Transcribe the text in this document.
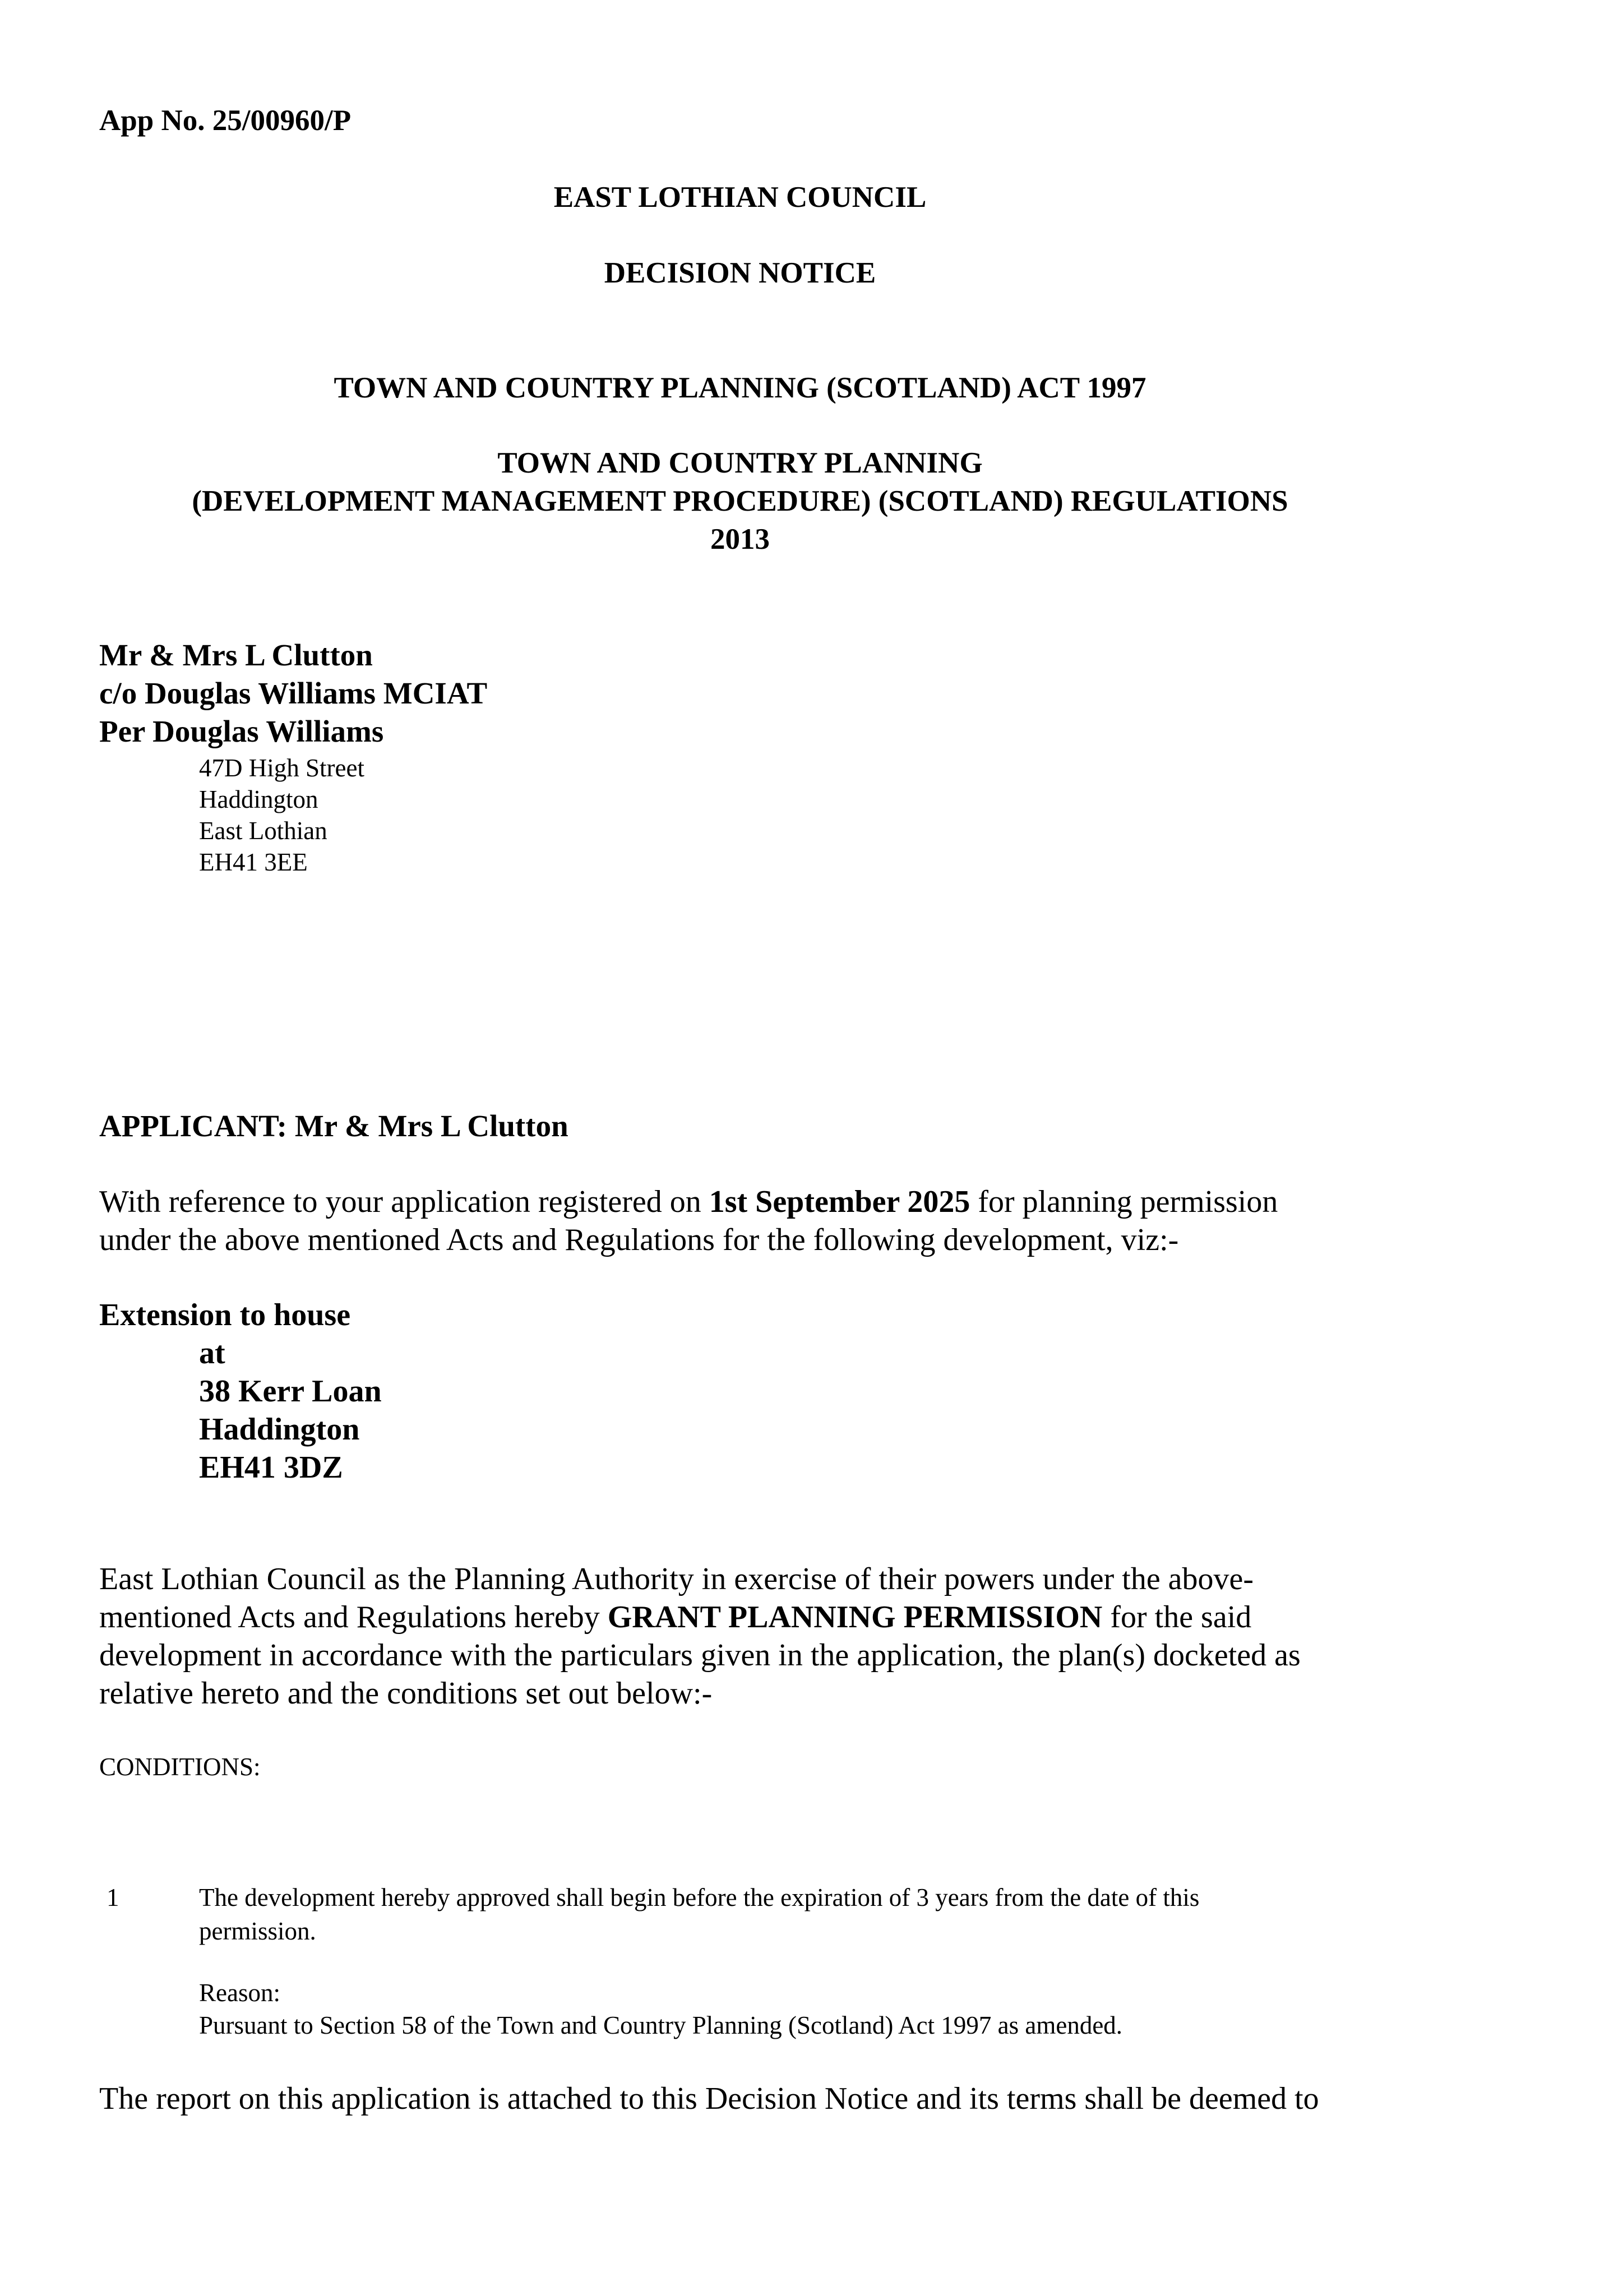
App No. 25/00960/P
EAST LOTHIAN COUNCIL
DECISION NOTICE
TOWN AND COUNTRY PLANNING (SCOTLAND) ACT 1997
TOWN AND COUNTRY PLANNING
(DEVELOPMENT MANAGEMENT PROCEDURE) (SCOTLAND) REGULATIONS
2013
Mr & Mrs L Clutton
c/o Douglas Williams MCIAT
Per Douglas Williams
47D High Street
Haddington
East Lothian
EH41 3EE
APPLICANT: Mr & Mrs L Clutton
With reference to your application registered on 1st September 2025 for planning permission
under the above mentioned Acts and Regulations for the following development, viz:-
Extension to house
at
38 Kerr Loan
Haddington
EH41 3DZ
East Lothian Council as the Planning Authority in exercise of their powers under the above-
mentioned Acts and Regulations hereby GRANT PLANNING PERMISSION for the said
development in accordance with the particulars given in the application, the plan(s) docketed as
relative hereto and the conditions set out below:-
CONDITIONS:
1	The development hereby approved shall begin before the expiration of 3 years from the date of this
permission.
Reason:
Pursuant to Section 58 of the Town and Country Planning (Scotland) Act 1997 as amended.
The report on this application is attached to this Decision Notice and its terms shall be deemed to
